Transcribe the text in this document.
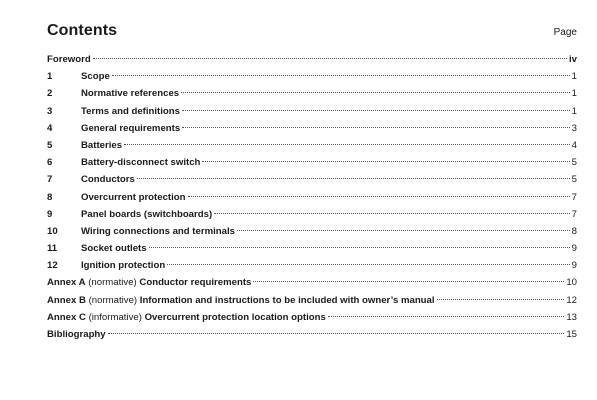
Contents	Page
Foreword	iv
1	Scope	1
2	Normative references	1
3	Terms and definitions	1
4	General requirements	3
5	Batteries	4
6	Battery-disconnect switch	5
7	Conductors	5
8	Overcurrent protection	7
9	Panel boards (switchboards)	7
10	Wiring connections and terminals	8
11	Socket outlets	9
12	Ignition protection	9
Annex A (normative) Conductor requirements	10
Annex B (normative) Information and instructions to be included with owner’s manual	12
Annex C (informative) Overcurrent protection location options	13
Bibliography	15
